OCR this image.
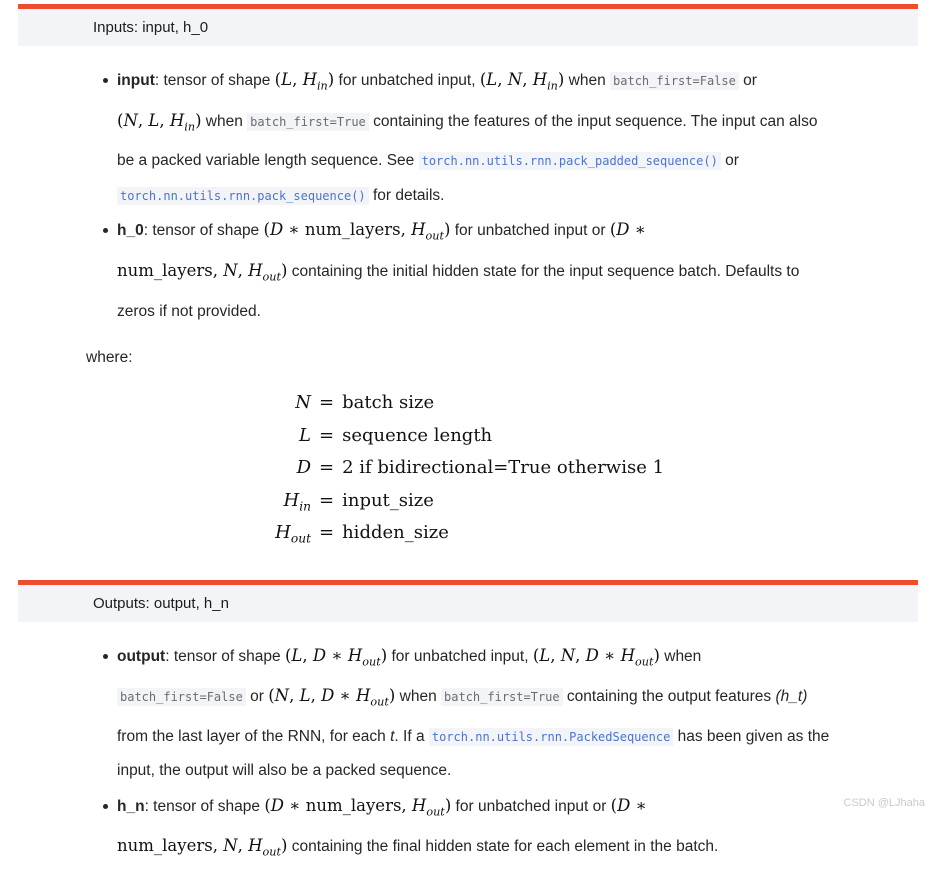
Inputs: input, h_0
input: tensor of shape (L, $H_{in}$) for unbatched input, (L, N, $H_{in}$) when batch_first=False or
(N, L, $H_{in}$) when batch_first=True containing the features of the input sequence. The input can also
be a packed variable length sequence. See torch.nn.utils.rnn.pack_padded_sequence() or
torch.nn.utils.rnn.pack_sequence() for details.
h_0: tensor of shape (D ∗ num_layers, $H_{out}$) for unbatched input or (D ∗
num_layers, N, $H_{out}$) containing the initial hidden state for the input sequence batch. Defaults to
zeros if not provided.

where:

N = batch size
L = sequence length
D = 2 if bidirectional=True otherwise 1
$H_{in}$ = input_size
$H_{out}$ = hidden_size
Outputs: output, h_n
output: tensor of shape (L, D ∗ $H_{out}$) for unbatched input, (L, N, D ∗ $H_{out}$) when
batch_first=False or (N, L, D ∗ $H_{out}$) when batch_first=True containing the output features (h_t)
from the last layer of the RNN, for each t. If a torch.nn.utils.rnn.PackedSequence has been given as the
input, the output will also be a packed sequence.
h_n: tensor of shape (D ∗ num_layers, $H_{out}$) for unbatched input or (D ∗
num_layers, N, $H_{out}$) containing the final hidden state for each element in the batch.
CSDN @LJhaha
